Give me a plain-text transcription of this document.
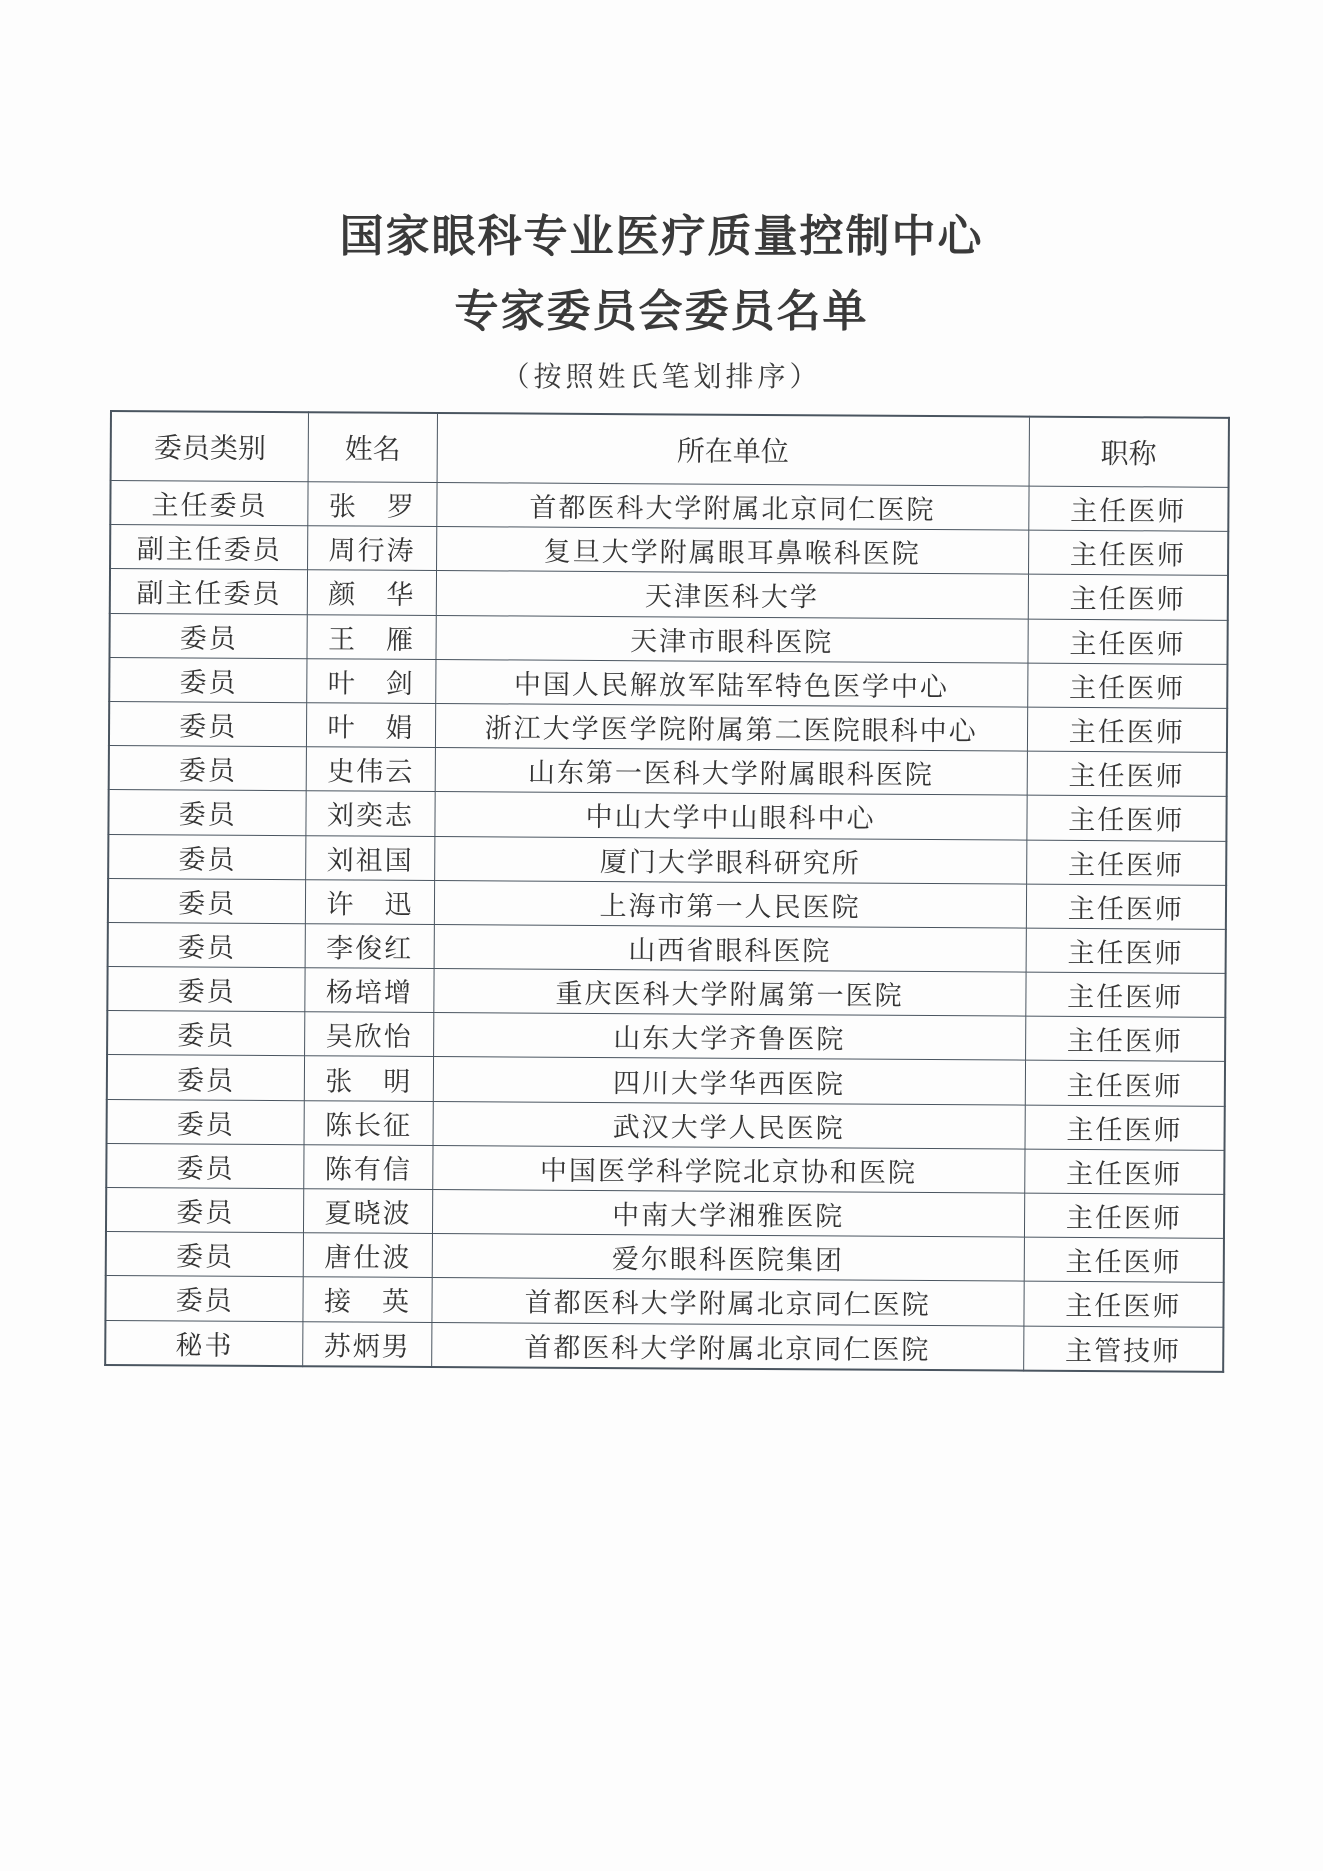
国家眼科专业医疗质量控制中心
专家委员会委员名单
（按照姓氏笔划排序）
委员类别	姓名	所在单位	职称
主任委员	张　罗	首都医科大学附属北京同仁医院	主任医师
副主任委员	周行涛	复旦大学附属眼耳鼻喉科医院	主任医师
副主任委员	颜　华	天津医科大学	主任医师
委员	王　雁	天津市眼科医院	主任医师
委员	叶　剑	中国人民解放军陆军特色医学中心	主任医师
委员	叶　娟	浙江大学医学院附属第二医院眼科中心	主任医师
委员	史伟云	山东第一医科大学附属眼科医院	主任医师
委员	刘奕志	中山大学中山眼科中心	主任医师
委员	刘祖国	厦门大学眼科研究所	主任医师
委员	许　迅	上海市第一人民医院	主任医师
委员	李俊红	山西省眼科医院	主任医师
委员	杨培增	重庆医科大学附属第一医院	主任医师
委员	吴欣怡	山东大学齐鲁医院	主任医师
委员	张　明	四川大学华西医院	主任医师
委员	陈长征	武汉大学人民医院	主任医师
委员	陈有信	中国医学科学院北京协和医院	主任医师
委员	夏晓波	中南大学湘雅医院	主任医师
委员	唐仕波	爱尔眼科医院集团	主任医师
委员	接　英	首都医科大学附属北京同仁医院	主任医师
秘书	苏炳男	首都医科大学附属北京同仁医院	主管技师
